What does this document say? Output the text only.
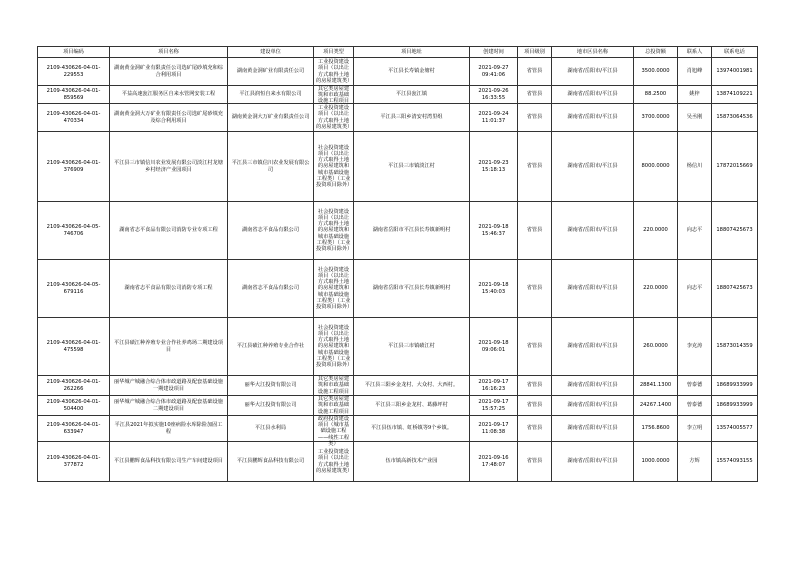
项目编码	项目名称	建设单位	项目类型	项目地址	创建时间	项目级别	地市区县名称	总投资额	联系人	联系电话
2109-430626-04-01-229553	湖南黄金洞矿业有限责任公司选矿尾砂填充和综合利用项目	湖南黄金洞矿业有限责任公司	工业投资建设项目（以出让方式取得土地的房屋建筑类）	平江县长寿镇金塘村	2021-09-27 09:41:06	省管县	湖南省/岳阳市/平江县	3500.0000	肖旭峰	13974001981
2109-430626-04-01-859569	平益高速瓮江服务区自来水管网安装工程	平江县润恒自来水有限公司	其它类房屋建筑和市政基础设施工程项目	平江县瓮江镇	2021-09-26 16:33:55	省管县	湖南省/岳阳市/平江县	88.2500	姚梓	13874109221
2109-430626-04-01-470334	湖南黄金洞大万矿业有限责任公司选矿尾砂填充及综合利用项目	湖南黄金洞大万矿业有限责任公司	工业投资建设项目（以出让方式取得土地的房屋建筑类）	平江县三阳乡清安村湾里组	2021-09-24 11:01:37	省管县	湖南省/岳阳市/平江县	3700.0000	吴丞刚	15873064536
2109-430626-04-01-376909	平江县三市镇信川农业发展有限公司淡江村龙塘乡村经济产业园项目	平江县三市镇信川农业发展有限公司	社会投资建设项目（以出让方式取得土地的房屋建筑和城市基础设施工程类）（工业投资项目除外）	平江县三市镇淡江村	2021-09-23 15:18:13	省管县	湖南省/岳阳市/平江县	8000.0000	杨信川	17872015669
2109-430626-04-05-746706	湖南省志平食品有限公司消防专业专项工程	湖南省志平食品有限公司	社会投资建设项目（以出让方式取得土地的房屋建筑和城市基础设施工程类）（工业投资项目除外）	湖南省岳阳市平江县长寿镇新明村	2021-09-18 15:46:37	省管县	湖南省/岳阳市/平江县	220.0000	向志平	18807425673
2109-430626-04-05-679116	湖南省志平食品有限公司消防专项工程	湖南省志平食品有限公司	社会投资建设项目（以出让方式取得土地的房屋建筑和城市基础设施工程类）（工业投资项目除外）	湖南省岳阳市平江县长寿镇新明村	2021-09-18 15:40:03	省管县	湖南省/岳阳市/平江县	220.0000	向志平	18807425673
2109-430626-04-01-475598	平江县碛江种养殖专业合作社养鸡场二期建设项目	平江县碛江种养殖专业合作社	社会投资建设项目（以出让方式取得土地的房屋建筑和城市基础设施工程类）（工业投资项目除外）	平江县三市镇碛江村	2021-09-18 09:06:01	省管县	湖南省/岳阳市/平江县	260.0000	李克涛	15873014359
2109-430626-04-01-262266	丽华城产城融合综合体市政道路及配套基础设施一期建设项目	丽华大江投资有限公司	其它类房屋建筑和市政基础设施工程项目	平江县三阳乡金龙村、大众村、大西村。	2021-09-17 16:16:23	省管县	湖南省/岳阳市/平江县	28841.1300	曾泰德	18689933999
2109-430626-04-01-504400	丽华城产城融合综合体市政道路及配套基础设施二期建设项目	丽华大江投资有限公司	其它类房屋建筑和市政基础设施工程项目	平江县三阳乡金龙村、葛藤坪村	2021-09-17 15:57:25	省管县	湖南省/岳阳市/平江县	24267.1400	曾泰德	18689933999
2109-430626-04-01-633947	平江县2021年拟实施10座病险水库除险加固工程	平江县水利局	政府投资建设项目（城市基础设施工程——线性工程类）	平江县伍市镇、虹桥镇等9个乡镇。	2021-09-17 11:08:38	省管县	湖南省/岳阳市/平江县	1756.8600	李立明	13574005577
2109-430626-04-01-377872	平江县鹏辉食品科技有限公司生产车间建设项目	平江县鹏辉食品科技有限公司	工业投资建设项目（以出让方式取得土地的房屋建筑类）	伍市镇高新技术产业园	2021-09-16 17:48:07	省管县	湖南省/岳阳市/平江县	1000.0000	方辉	15574093155
